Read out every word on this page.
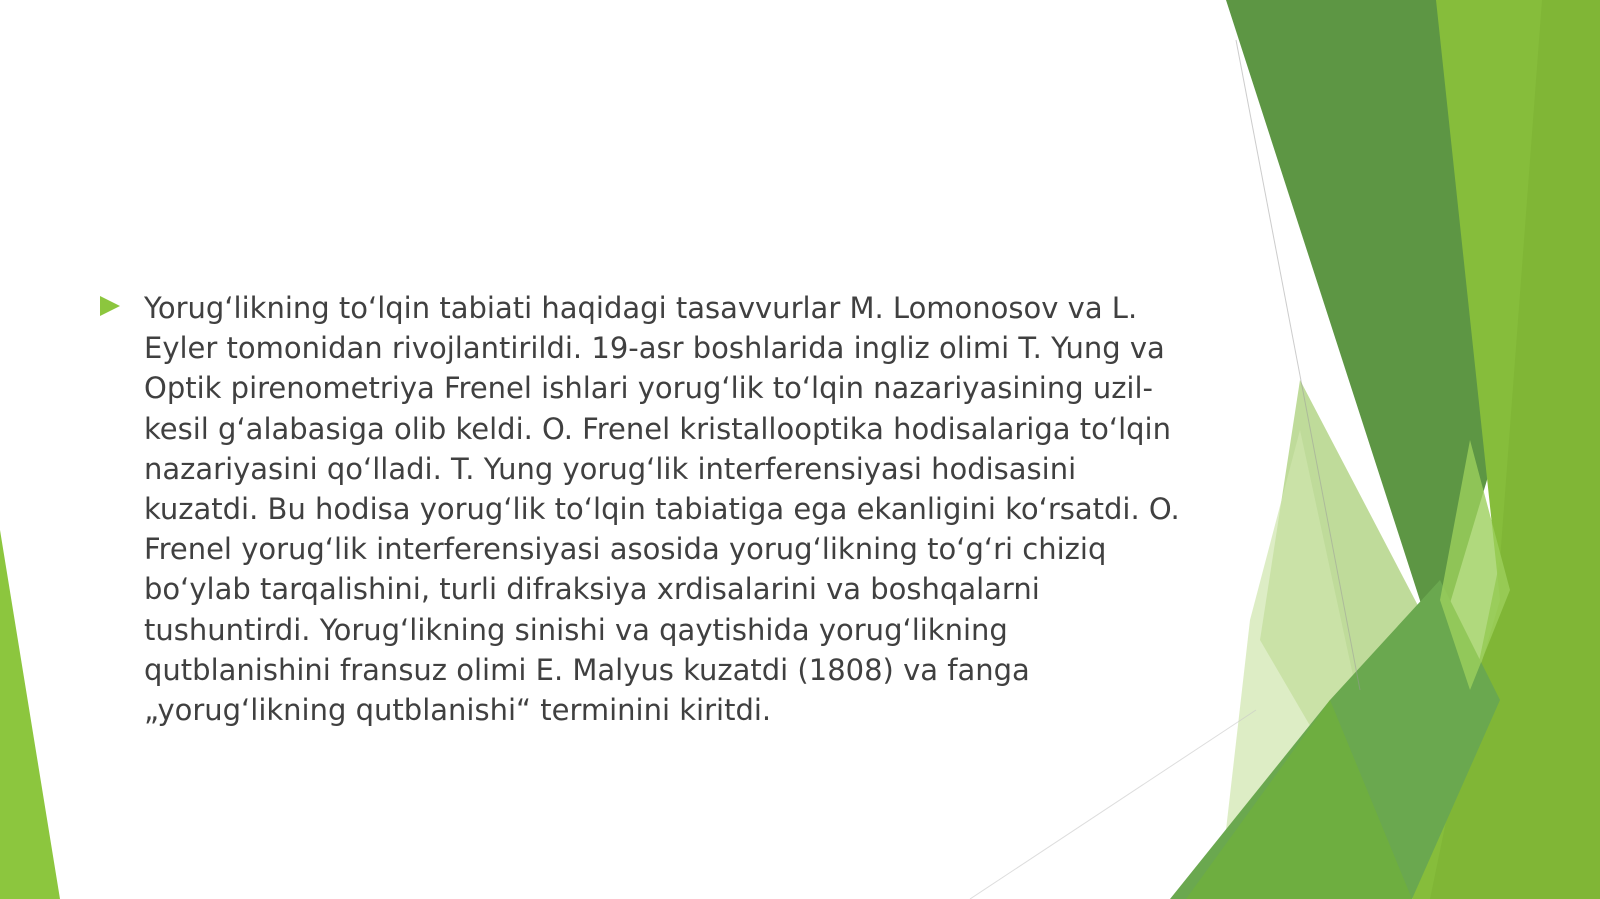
Yorug‘likning to‘lqin tabiati haqidagi tasavvurlar M. Lomonosov va L. Eyler tomonidan rivojlantirildi. 19-asr boshlarida ingliz olimi T. Yung va Optik pirenometriya Frenel ishlari yorug‘lik to‘lqin nazariyasining uzil-kesil g‘alabasiga olib keldi. O. Frenel kristallooptika hodisalariga to‘lqin nazariyasini qo‘lladi. T. Yung yorug‘lik interferensiyasi hodisasini kuzatdi. Bu hodisa yorug‘lik to‘lqin tabiatiga ega ekanligini ko‘rsatdi. O. Frenel yorug‘lik interferensiyasi asosida yorug‘likning to‘g‘ri chiziq bo‘ylab tarqalishini, turli difraksiya xrdisalarini va boshqalarni tushuntirdi. Yorug‘likning sinishi va qaytishida yorug‘likning qutblanishini fransuz olimi E. Malyus kuzatdi (1808) va fanga „yorug‘likning qutblanishi“ terminini kiritdi.
